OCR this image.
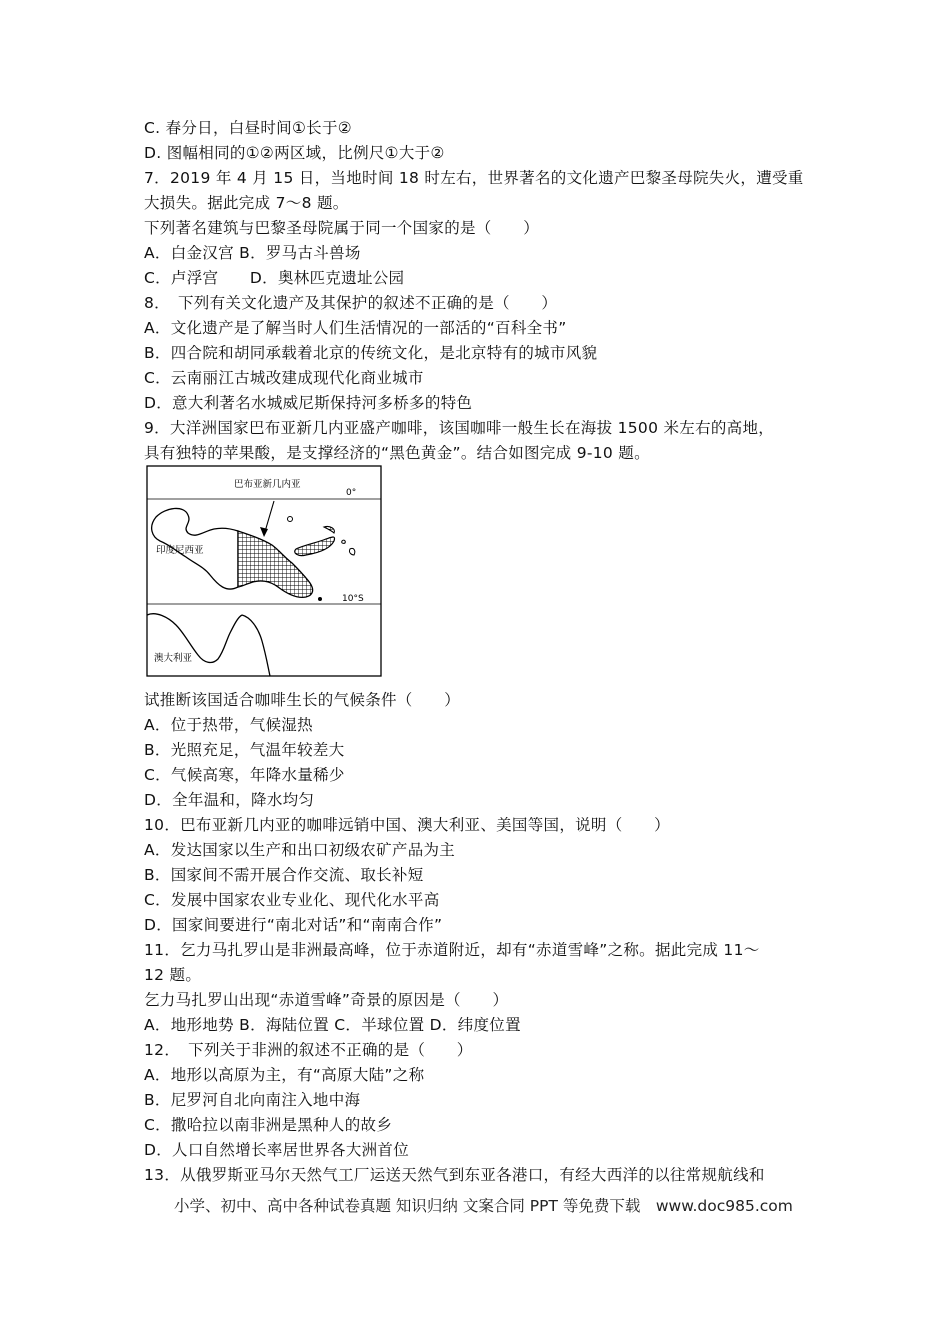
C. 春分日，白昼时间①长于②
D. 图幅相同的①②两区域，比例尺①大于②
7．2019 年 4 月 15 日，当地时间 18 时左右，世界著名的文化遗产巴黎圣母院失火，遭受重
大损失。据此完成 7～8 题。
下列著名建筑与巴黎圣母院属于同一个国家的是（　　）
A．白金汉宫 B．罗马古斗兽场
C．卢浮宫　　D．奥林匹克遗址公园
8．　下列有关文化遗产及其保护的叙述不正确的是（　　）
A．文化遗产是了解当时人们生活情况的一部活的“百科全书”
B．四合院和胡同承载着北京的传统文化，是北京特有的城市风貌
C．云南丽江古城改建成现代化商业城市
D．意大利著名水城威尼斯保持河多桥多的特色
9．大洋洲国家巴布亚新几内亚盛产咖啡，该国咖啡一般生长在海拔 1500 米左右的高地，
具有独特的苹果酸，是支撑经济的“黑色黄金”。结合如图完成 9-10 题。
巴布亚新几内亚
印度尼西亚
澳大利亚
0°
10°S
试推断该国适合咖啡生长的气候条件（　　）
A．位于热带，气候湿热
B．光照充足，气温年较差大
C．气候高寒，年降水量稀少
D．全年温和，降水均匀
10．巴布亚新几内亚的咖啡远销中国、澳大利亚、美国等国，说明（　　）
A．发达国家以生产和出口初级农矿产品为主
B．国家间不需开展合作交流、取长补短
C．发展中国家农业专业化、现代化水平高
D．国家间要进行“南北对话”和“南南合作”
11．乞力马扎罗山是非洲最高峰，位于赤道附近，却有“赤道雪峰”之称。据此完成 11～
12 题。
乞力马扎罗山出现“赤道雪峰”奇景的原因是（　　）
A．地形地势 B．海陆位置 C．半球位置 D．纬度位置
12．　下列关于非洲的叙述不正确的是（　　）
A．地形以高原为主，有“高原大陆”之称
B．尼罗河自北向南注入地中海
C．撒哈拉以南非洲是黑种人的故乡
D．人口自然增长率居世界各大洲首位
13．从俄罗斯亚马尔天然气工厂运送天然气到东亚各港口，有经大西洋的以往常规航线和
小学、初中、高中各种试卷真题 知识归纳 文案合同 PPT 等免费下载　www.doc985.com
